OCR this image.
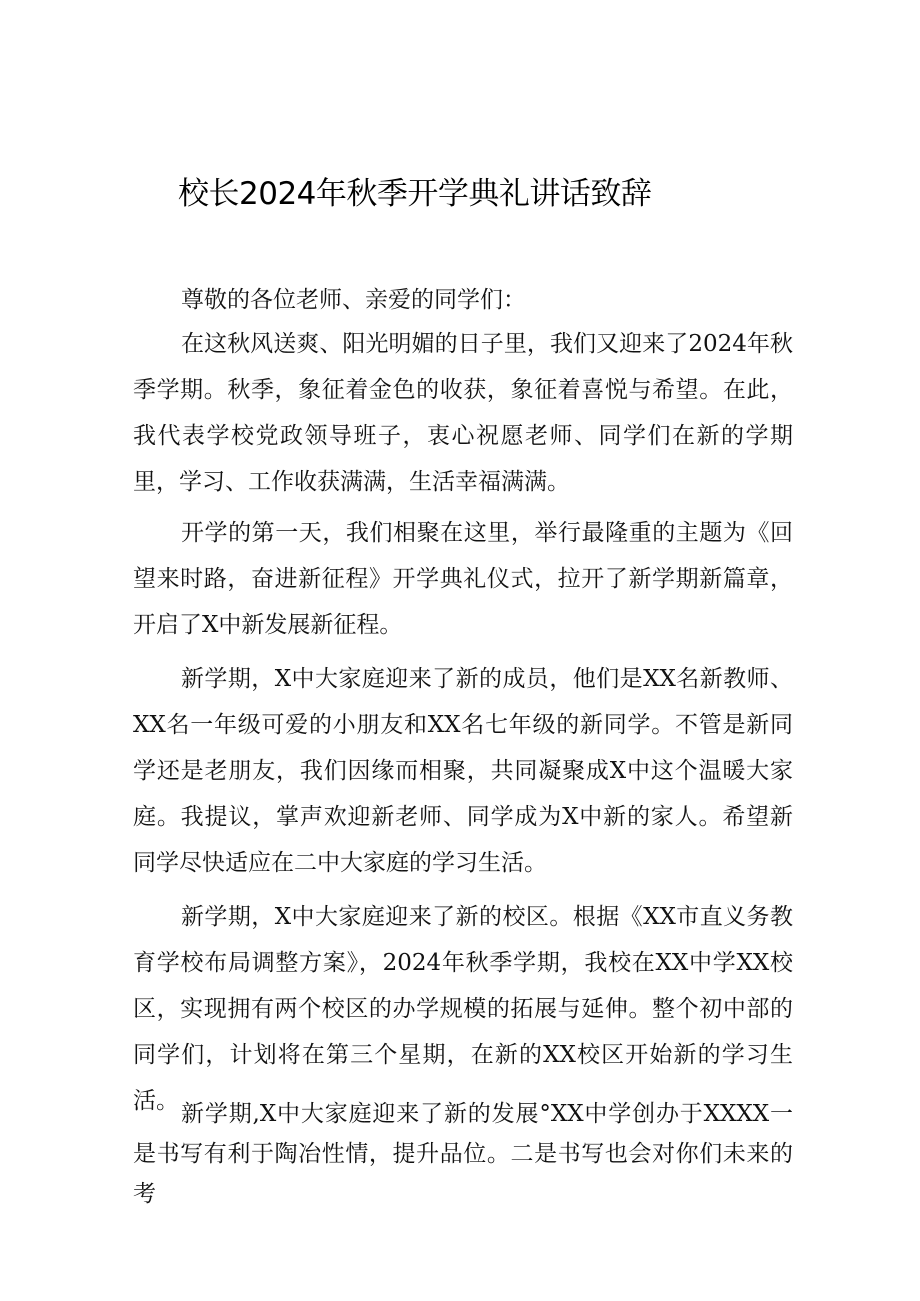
校长2024年秋季开学典礼讲话致辞

尊敬的各位老师、亲爱的同学们：

在这秋风送爽、阳光明媚的日子里，我们又迎来了2024年秋季学期。秋季，象征着金色的收获，象征着喜悦与希望。在此，我代表学校党政领导班子，衷心祝愿老师、同学们在新的学期里，学习、工作收获满满，生活幸福满满。

开学的第一天，我们相聚在这里，举行最隆重的主题为《回望来时路，奋进新征程》开学典礼仪式，拉开了新学期新篇章，开启了X中新发展新征程。

新学期，X中大家庭迎来了新的成员，他们是XX名新教师、XX名一年级可爱的小朋友和XX名七年级的新同学。不管是新同学还是老朋友，我们因缘而相聚，共同凝聚成X中这个温暖大家庭。我提议，掌声欢迎新老师、同学成为X中新的家人。希望新同学尽快适应在二中大家庭的学习生活。

新学期，X中大家庭迎来了新的校区。根据《XX市直义务教育学校布局调整方案》，2024年秋季学期，我校在XX中学XX校区，实现拥有两个校区的办学规模的拓展与延伸。整个初中部的同学们，计划将在第三个星期，在新的XX校区开始新的学习生活。 新学期,X中大家庭迎来了新的发展°XX中学创办于XXXX一是书写有利于陶冶性情，提升品位。二是书写也会对你们未来的考
